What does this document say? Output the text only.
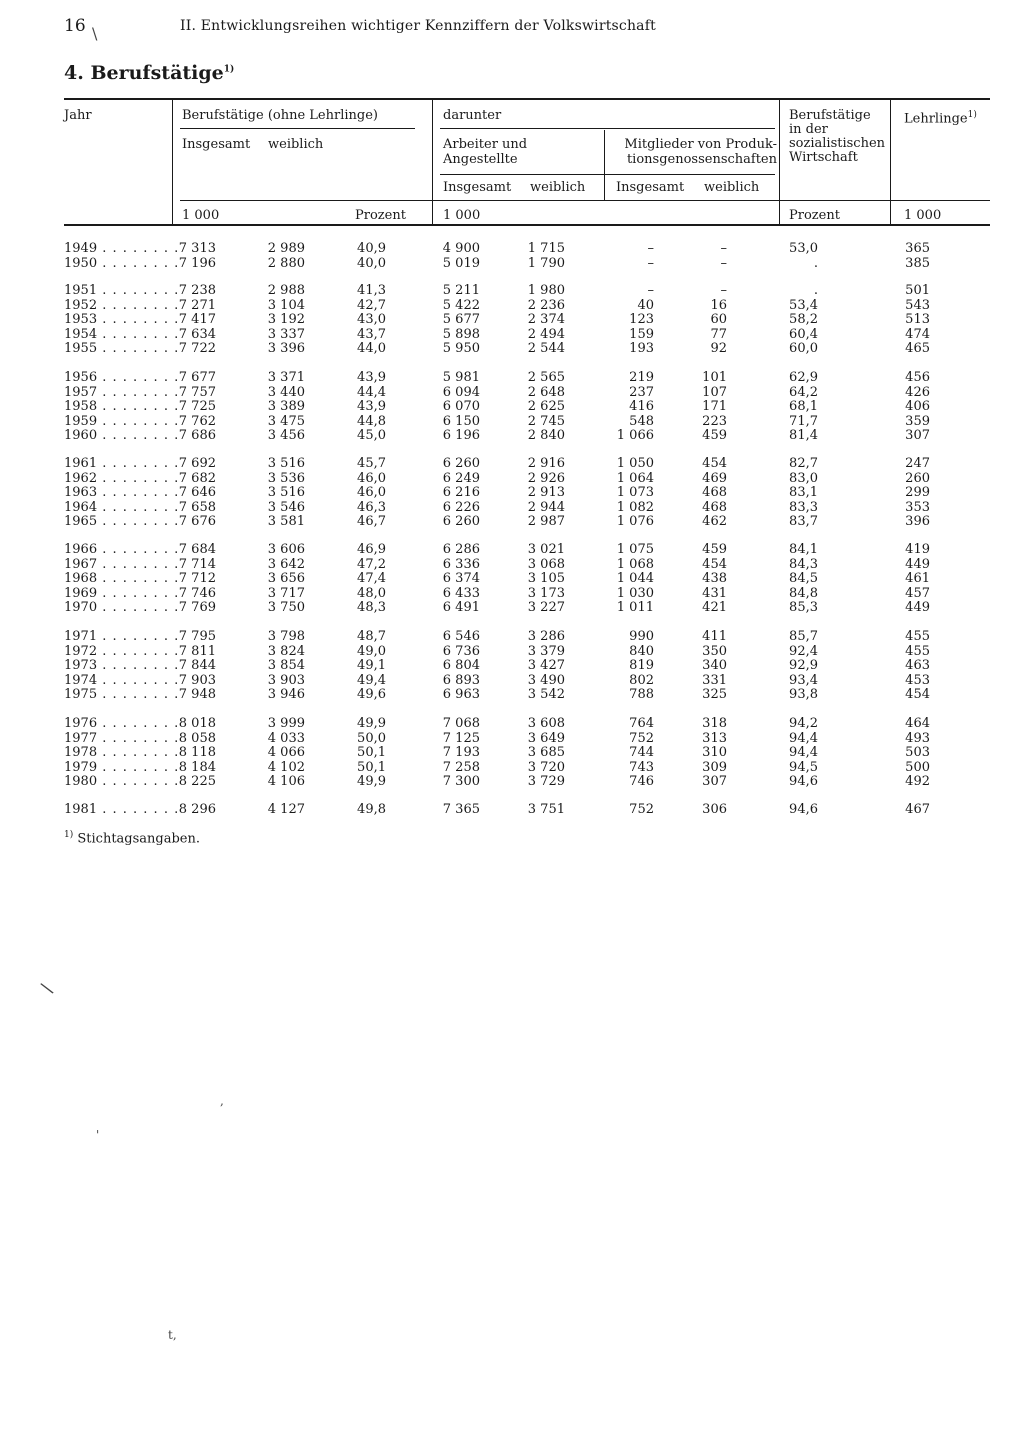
16 \	II. Entwicklungsreihen wichtiger Kennziffern der Volkswirtschaft
4. Berufstätige$^{1)}$
Jahr	Berufstätige (ohne Lehrlinge)
Insgesamt weiblich
darunter
Arbeiter und
Angestellte
Mitglieder von Produk-
tionsgenossenschaften
Insgesamt weiblich Insgesamt weiblich
Berufstätige
in der
sozialistischen
Wirtschaft
Lehrlinge$^{1)}$
1 000	Prozent	1 000	Prozent	1 000
1949 . . . . . . . . 7 313	2 989	40,9	4 900	1 715	–	–	53,0	365
1950 . . . . . . . . 7 196	2 880	40,0	5 019	1 790	–	–	.	385
1951 . . . . . . . . 7 238	2 988	41,3	5 211	1 980	–	–	.	501
1952 . . . . . . . . 7 271	3 104	42,7	5 422	2 236	40	16	53,4	543
1953 . . . . . . . . 7 417	3 192	43,0	5 677	2 374	123	60	58,2	513
1954 . . . . . . . . 7 634	3 337	43,7	5 898	2 494	159	77	60,4	474
1955 . . . . . . . . 7 722	3 396	44,0	5 950	2 544	193	92	60,0	465
1956 . . . . . . . . 7 677	3 371	43,9	5 981	2 565	219	101	62,9	456
1957 . . . . . . . . 7 757	3 440	44,4	6 094	2 648	237	107	64,2	426
1958 . . . . . . . . 7 725	3 389	43,9	6 070	2 625	416	171	68,1	406
1959 . . . . . . . . 7 762	3 475	44,8	6 150	2 745	548	223	71,7	359
1960 . . . . . . . . 7 686	3 456	45,0	6 196	2 840	1 066	459	81,4	307
1961 . . . . . . . . 7 692	3 516	45,7	6 260	2 916	1 050	454	82,7	247
1962 . . . . . . . . 7 682	3 536	46,0	6 249	2 926	1 064	469	83,0	260
1963 . . . . . . . . 7 646	3 516	46,0	6 216	2 913	1 073	468	83,1	299
1964 . . . . . . . . 7 658	3 546	46,3	6 226	2 944	1 082	468	83,3	353
1965 . . . . . . . . 7 676	3 581	46,7	6 260	2 987	1 076	462	83,7	396
1966 . . . . . . . . 7 684	3 606	46,9	6 286	3 021	1 075	459	84,1	419
1967 . . . . . . . . 7 714	3 642	47,2	6 336	3 068	1 068	454	84,3	449
1968 . . . . . . . . 7 712	3 656	47,4	6 374	3 105	1 044	438	84,5	461
1969 . . . . . . . . 7 746	3 717	48,0	6 433	3 173	1 030	431	84,8	457
1970 . . . . . . . . 7 769	3 750	48,3	6 491	3 227	1 011	421	85,3	449
1971 . . . . . . . . 7 795	3 798	48,7	6 546	3 286	990	411	85,7	455
1972 . . . . . . . . 7 811	3 824	49,0	6 736	3 379	840	350	92,4	455
1973 . . . . . . . . 7 844	3 854	49,1	6 804	3 427	819	340	92,9	463
1974 . . . . . . . . 7 903	3 903	49,4	6 893	3 490	802	331	93,4	453
1975 . . . . . . . . 7 948	3 946	49,6	6 963	3 542	788	325	93,8	454
1976 . . . . . . . . 8 018	3 999	49,9	7 068	3 608	764	318	94,2	464
1977 . . . . . . . . 8 058	4 033	50,0	7 125	3 649	752	313	94,4	493
1978 . . . . . . . . 8 118	4 066	50,1	7 193	3 685	744	310	94,4	503
1979 . . . . . . . . 8 184	4 102	50,1	7 258	3 720	743	309	94,5	500
1980 . . . . . . . . 8 225	4 106	49,9	7 300	3 729	746	307	94,6	492
1981 . . . . . . . . 8 296	4 127	49,8	7 365	3 751	752	306	94,6	467
$^{1)}$ Stichtagsangaben.
\
,
'
t,
